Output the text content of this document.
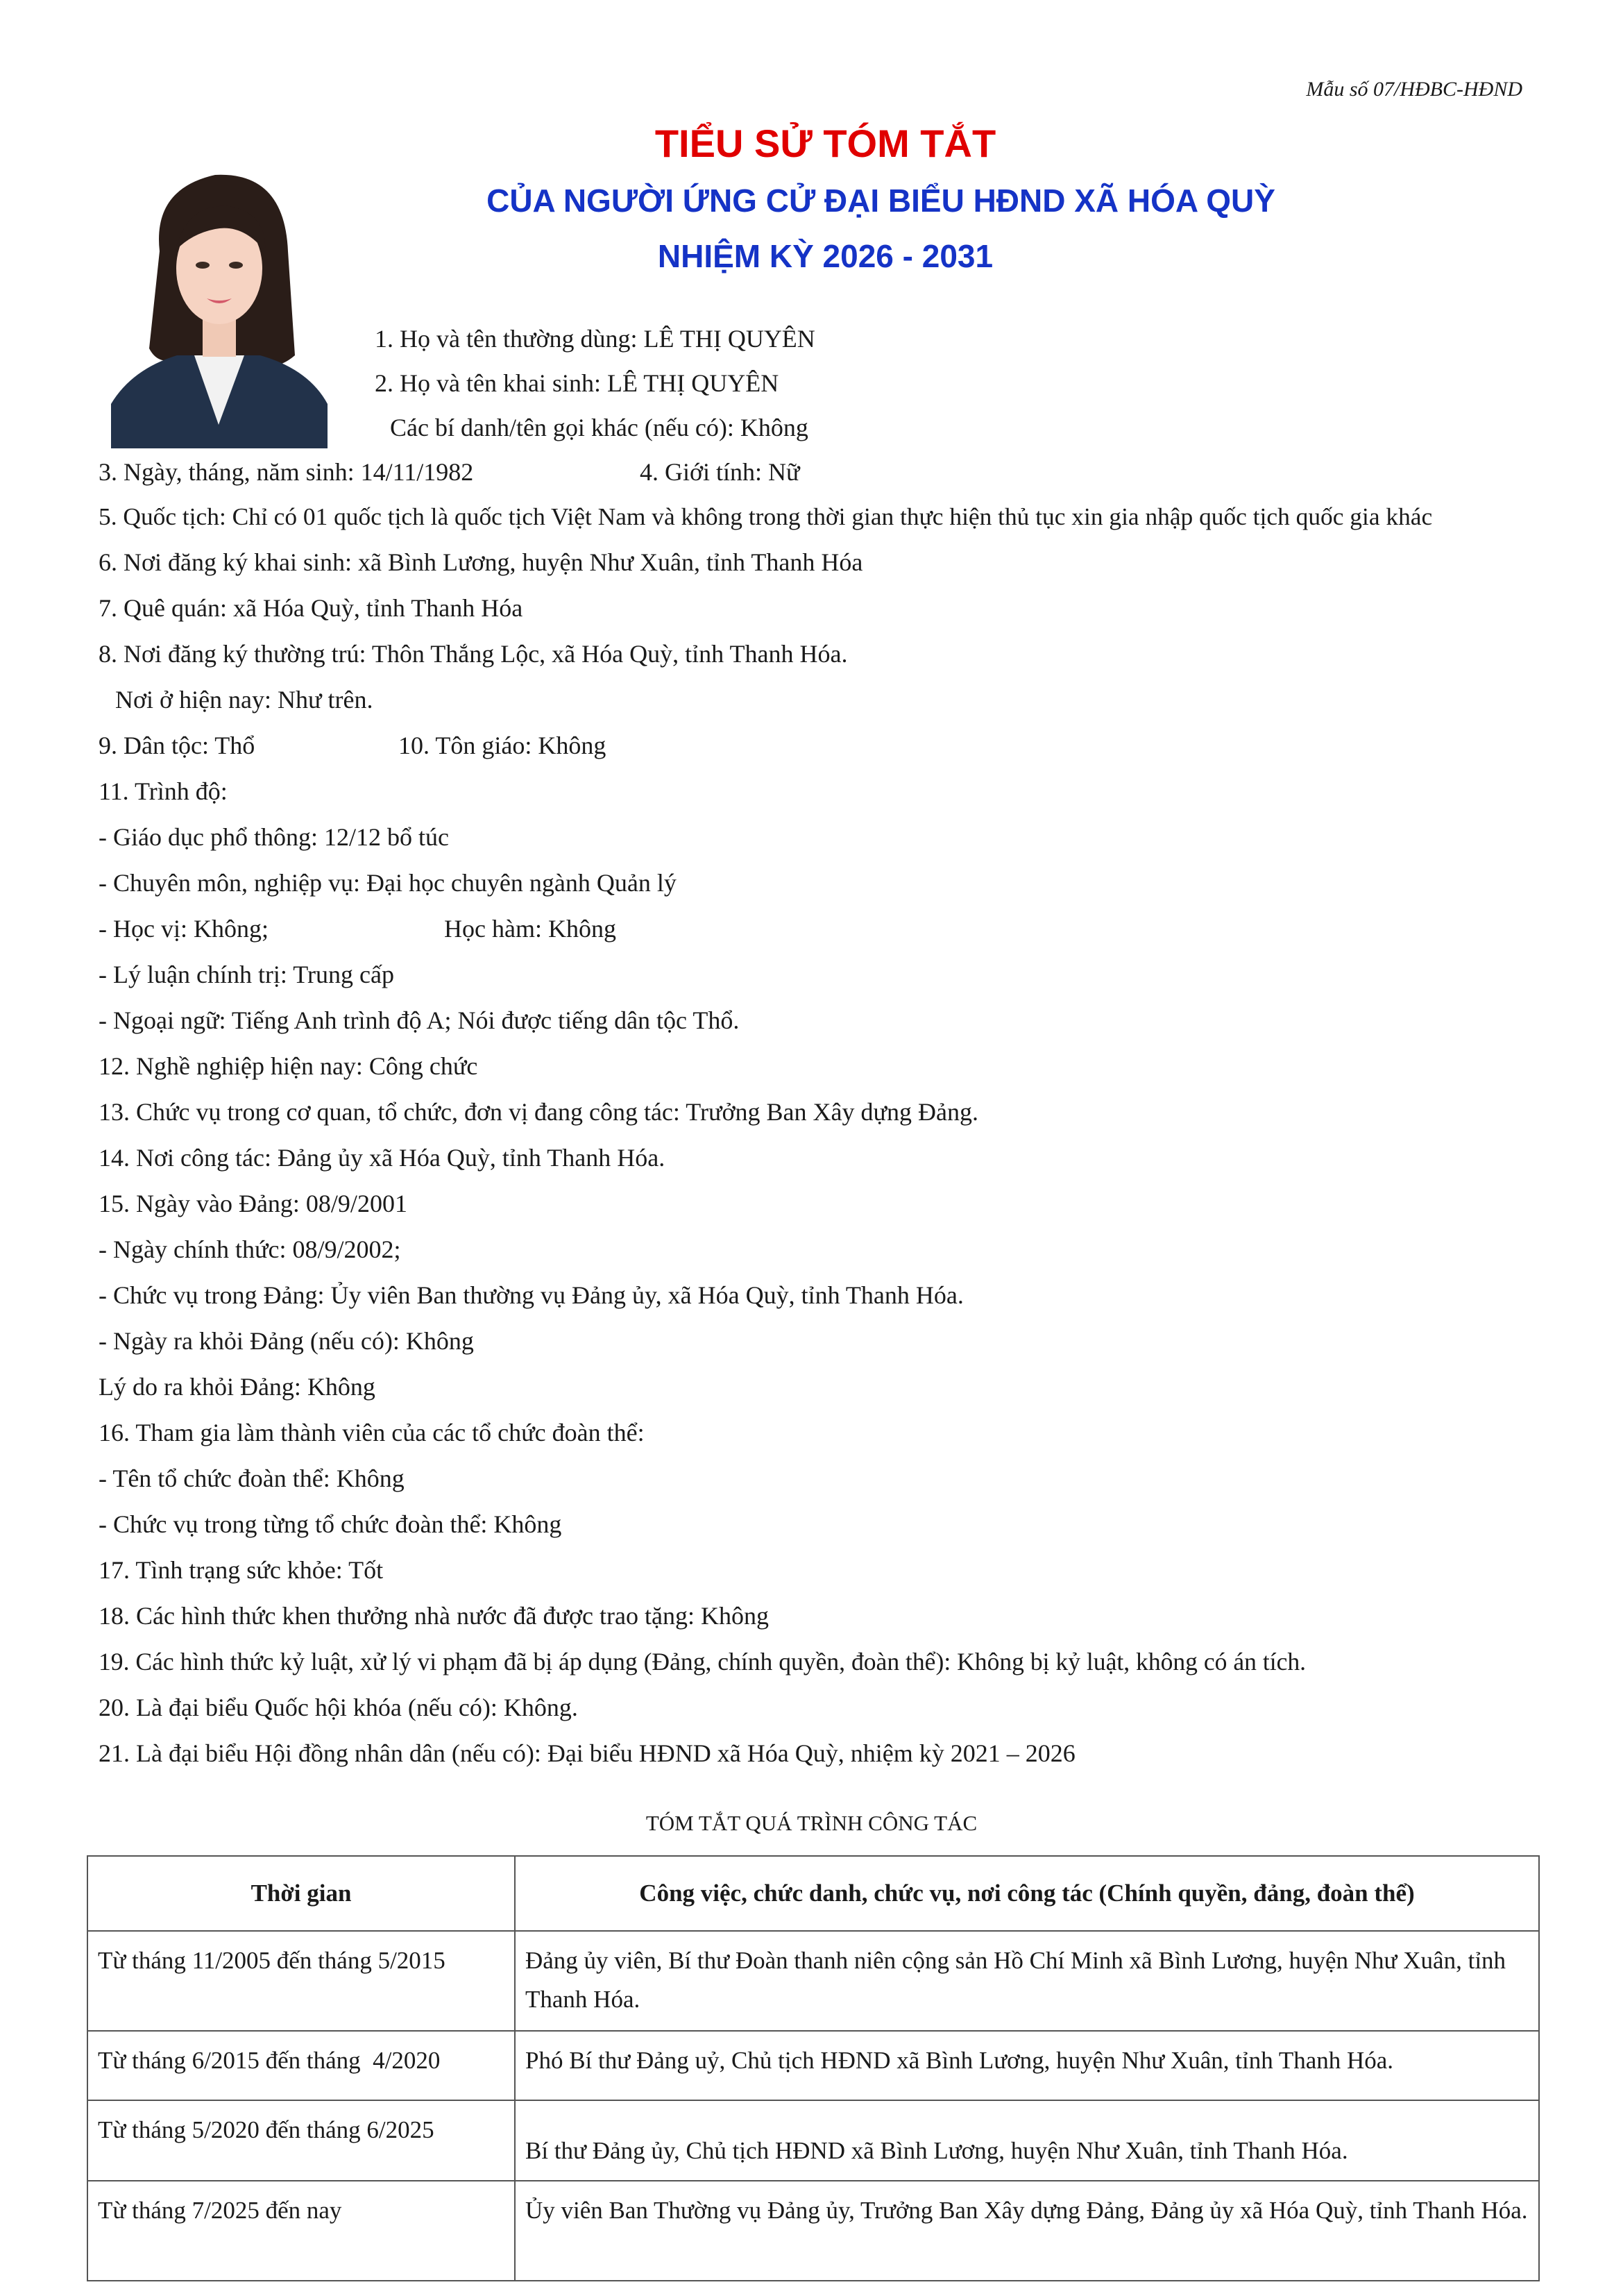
Mẫu số 07/HĐBC-HĐND
TIỂU SỬ TÓM TẮT
CỦA NGƯỜI ỨNG CỬ ĐẠI BIỂU HĐND XÃ HÓA QUỲ
NHIỆM KỲ 2026 - 2031
1. Họ và tên thường dùng: LÊ THỊ QUYÊN
2. Họ và tên khai sinh: LÊ THỊ QUYÊN
Các bí danh/tên gọi khác (nếu có): Không
3. Ngày, tháng, năm sinh: 14/11/1982	4. Giới tính: Nữ
5. Quốc tịch: Chỉ có 01 quốc tịch là quốc tịch Việt Nam và không trong thời gian thực hiện thủ tục xin gia nhập quốc tịch quốc gia khác
6. Nơi đăng ký khai sinh: xã Bình Lương, huyện Như Xuân, tỉnh Thanh Hóa
7. Quê quán: xã Hóa Quỳ, tỉnh Thanh Hóa
8. Nơi đăng ký thường trú: Thôn Thắng Lộc, xã Hóa Quỳ, tỉnh Thanh Hóa.
Nơi ở hiện nay: Như trên.
9. Dân tộc: Thổ	10. Tôn giáo: Không
11. Trình độ:
- Giáo dục phổ thông: 12/12 bổ túc
- Chuyên môn, nghiệp vụ: Đại học chuyên ngành Quản lý
- Học vị: Không;	Học hàm: Không
- Lý luận chính trị: Trung cấp
- Ngoại ngữ: Tiếng Anh trình độ A; Nói được tiếng dân tộc Thổ.
12. Nghề nghiệp hiện nay: Công chức
13. Chức vụ trong cơ quan, tổ chức, đơn vị đang công tác: Trưởng Ban Xây dựng Đảng.
14. Nơi công tác: Đảng ủy xã Hóa Quỳ, tỉnh Thanh Hóa.
15. Ngày vào Đảng: 08/9/2001
- Ngày chính thức: 08/9/2002;
- Chức vụ trong Đảng: Ủy viên Ban thường vụ Đảng ủy, xã Hóa Quỳ, tỉnh Thanh Hóa.
- Ngày ra khỏi Đảng (nếu có): Không
Lý do ra khỏi Đảng: Không
16. Tham gia làm thành viên của các tổ chức đoàn thể:
- Tên tổ chức đoàn thể: Không
- Chức vụ trong từng tổ chức đoàn thể: Không
17. Tình trạng sức khỏe: Tốt
18. Các hình thức khen thưởng nhà nước đã được trao tặng: Không
19. Các hình thức kỷ luật, xử lý vi phạm đã bị áp dụng (Đảng, chính quyền, đoàn thể): Không bị kỷ luật, không có án tích.
20. Là đại biểu Quốc hội khóa (nếu có): Không.
21. Là đại biểu Hội đồng nhân dân (nếu có): Đại biểu HĐND xã Hóa Quỳ, nhiệm kỳ 2021 – 2026
TÓM TẮT QUÁ TRÌNH CÔNG TÁC
Thời gian	Công việc, chức danh, chức vụ, nơi công tác (Chính quyền, đảng, đoàn thể)
Từ tháng 11/2005 đến tháng 5/2015	Đảng ủy viên, Bí thư Đoàn thanh niên cộng sản Hồ Chí Minh xã Bình Lương, huyện Như Xuân, tỉnh Thanh Hóa.
Từ tháng 6/2015 đến tháng  4/2020	Phó Bí thư Đảng uỷ, Chủ tịch HĐND xã Bình Lương, huyện Như Xuân, tỉnh Thanh Hóa.
Từ tháng 5/2020 đến tháng 6/2025	Bí thư Đảng ủy, Chủ tịch HĐND xã Bình Lương, huyện Như Xuân, tỉnh Thanh Hóa.
Từ tháng 7/2025 đến nay	Ủy viên Ban Thường vụ Đảng ủy, Trưởng Ban Xây dựng Đảng, Đảng ủy xã Hóa Quỳ, tỉnh Thanh Hóa.
